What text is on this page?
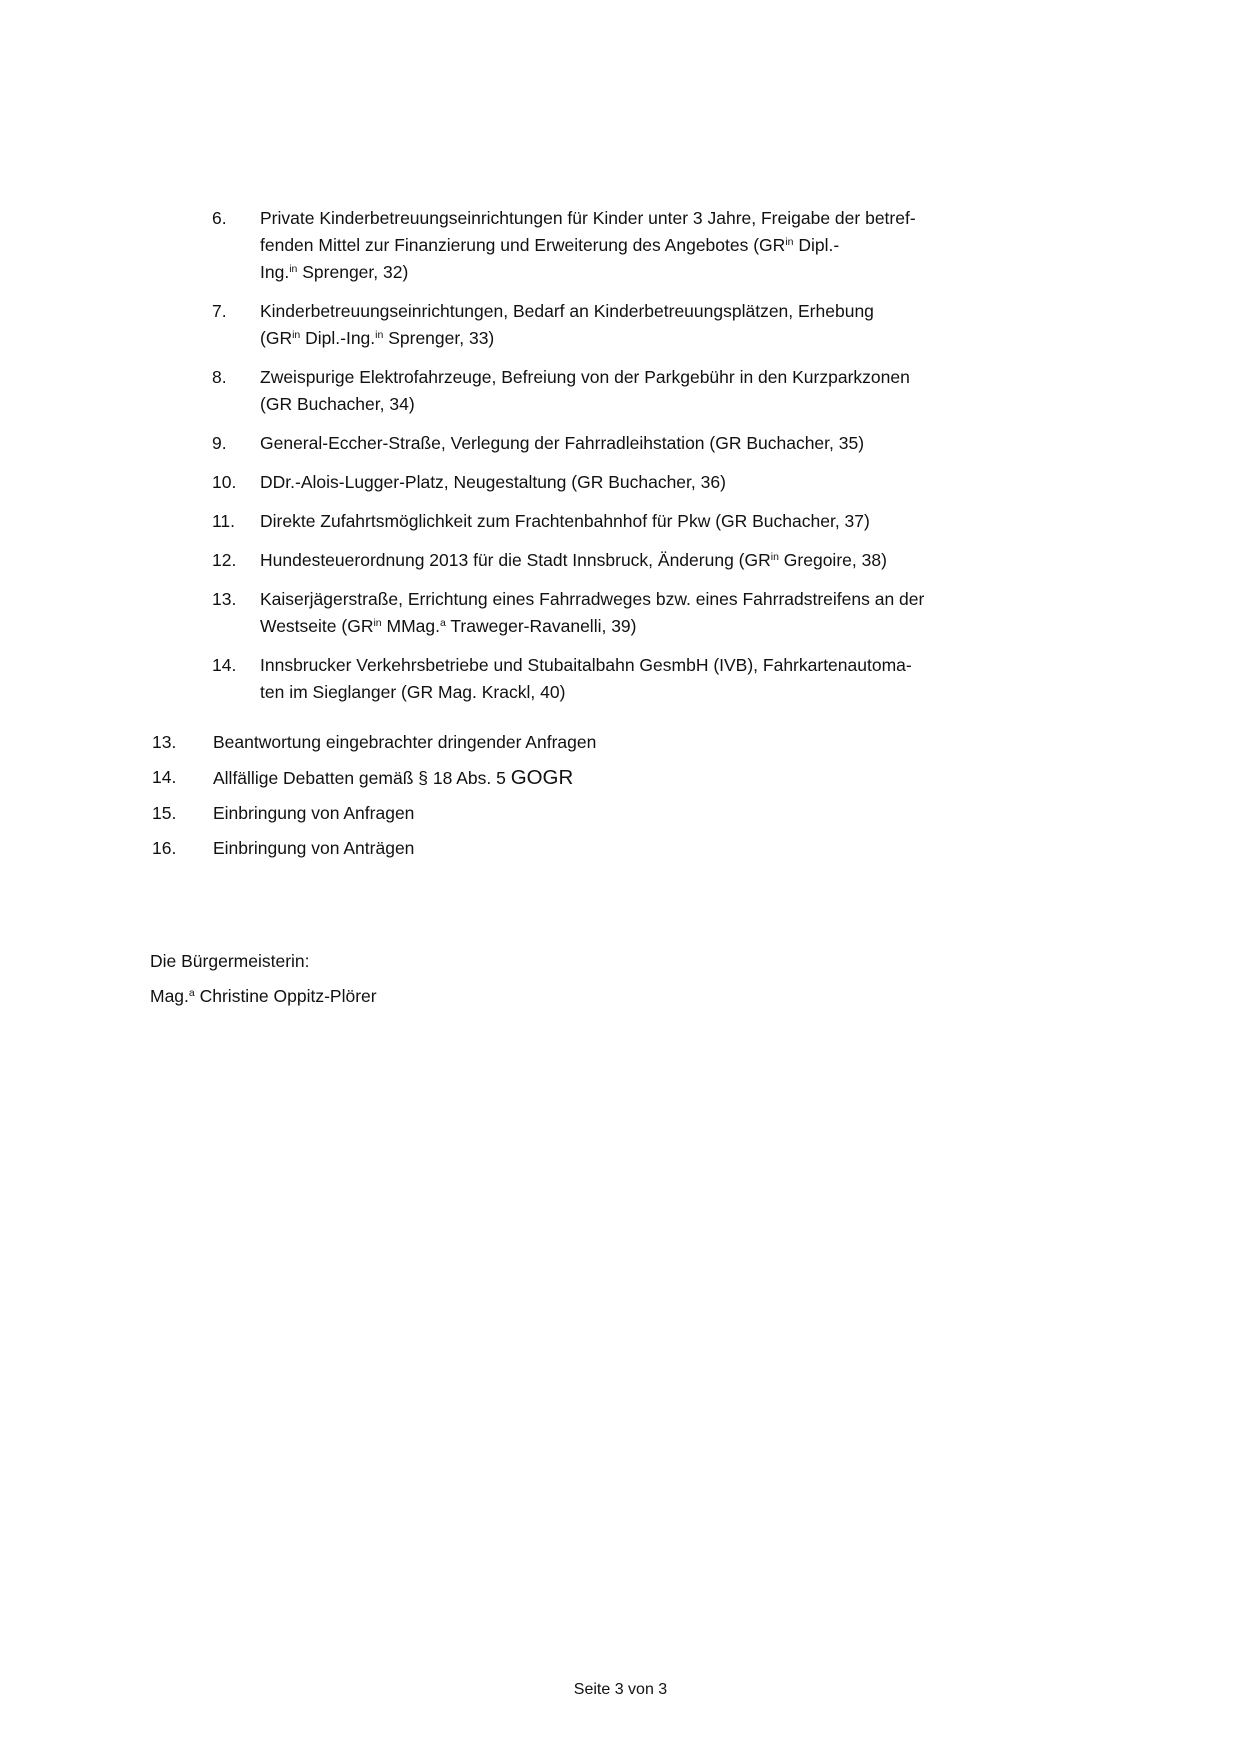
6.	Private Kinderbetreuungseinrichtungen für Kinder unter 3 Jahre, Freigabe der betref-
fenden Mittel zur Finanzierung und Erweiterung des Angebotes ($GR^{in}$ Dipl.-
Ing.$^{in}$ Sprenger, 32)
7.	Kinderbetreuungseinrichtungen, Bedarf an Kinderbetreuungsplätzen, Erhebung
($GR^{in}$ Dipl.-Ing.$^{in}$ Sprenger, 33)
8.	Zweispurige Elektrofahrzeuge, Befreiung von der Parkgebühr in den Kurzparkzonen
(GR Buchacher, 34)
9.	General-Eccher-Straße, Verlegung der Fahrradleihstation (GR Buchacher, 35)
10.	DDr.-Alois-Lugger-Platz, Neugestaltung (GR Buchacher, 36)
11.	Direkte Zufahrtsmöglichkeit zum Frachtenbahnhof für Pkw (GR Buchacher, 37)
12.	Hundesteuerordnung 2013 für die Stadt Innsbruck, Änderung ($GR^{in}$ Gregoire, 38)
13.	Kaiserjägerstraße, Errichtung eines Fahrradweges bzw. eines Fahrradstreifens an der
Westseite ($GR^{in}$ MMag.$^a$ Traweger-Ravanelli, 39)
14.	Innsbrucker Verkehrsbetriebe und Stubaitalbahn GesmbH (IVB), Fahrkartenautoma-
ten im Sieglanger (GR Mag. Krackl, 40)
13.	Beantwortung eingebrachter dringender Anfragen
14.	Allfällige Debatten gemäß § 18 Abs. 5 GOGR
15.	Einbringung von Anfragen
16.	Einbringung von Anträgen

Die Bürgermeisterin:

Mag.$^a$ Christine Oppitz-Plörer

Seite 3 von 3
